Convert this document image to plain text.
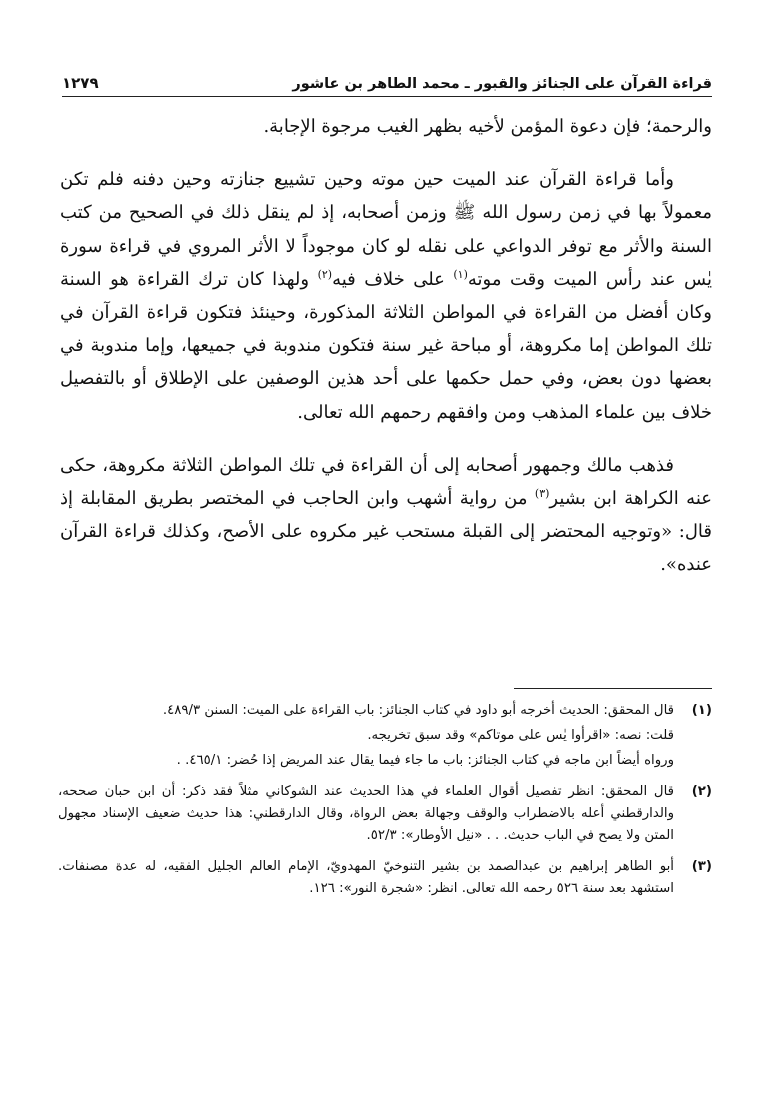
قراءة القرآن على الجنائز والقبور ـ محمد الطاهر بن عاشور
١٢٧٩

والرحمة؛ فإن دعوة المؤمن لأخيه بظهر الغيب مرجوة الإجابة.

وأما قراءة القرآن عند الميت حين موته وحين تشييع جنازته وحين دفنه فلم تكن معمولاً بها في زمن رسول الله ﷺ وزمن أصحابه، إذ لم ينقل ذلك في الصحيح من كتب السنة والأثر مع توفر الدواعي على نقله لو كان موجوداً لا الأثر المروي في قراءة سورة يٰس عند رأس الميت وقت موته$^{(١)}$ على خلاف فيه$^{(٢)}$ ولهذا كان ترك القراءة هو السنة وكان أفضل من القراءة في المواطن الثلاثة المذكورة، وحينئذ فتكون قراءة القرآن في تلك المواطن إما مكروهة، أو مباحة غير سنة فتكون مندوبة في جميعها، وإما مندوبة في بعضها دون بعض، وفي حمل حكمها على أحد هذين الوصفين على الإطلاق أو بالتفصيل خلاف بين علماء المذهب ومن وافقهم رحمهم الله تعالى.

فذهب مالك وجمهور أصحابه إلى أن القراءة في تلك المواطن الثلاثة مكروهة، حكى عنه الكراهة ابن بشير$^{(٣)}$ من رواية أشهب وابن الحاجب في المختصر بطريق المقابلة إذ قال: «وتوجيه المحتضر إلى القبلة مستحب غير مكروه على الأصح، وكذلك قراءة القرآن عنده».

(١)

قال المحقق: الحديث أخرجه أبو داود في كتاب الجنائز: باب القراءة على الميت: السنن ٤٨٩/٣.

قلت: نصه: «اقرأوا يٰس على موتاكم» وقد سبق تخريجه.

ورواه أيضاً ابن ماجه في كتاب الجنائز: باب ما جاء فيما يقال عند المريض إذا حُضر: ٤٦٥/١. .

(٢)

قال المحقق: انظر تفصيل أقوال العلماء في هذا الحديث عند الشوكاني مثلاً فقد ذكر: أن ابن حبان صححه، والدارقطني أعله بالاضطراب والوقف وجهالة بعض الرواة، وقال الدارقطني: هذا حديث ضعيف الإسناد مجهول المتن ولا يصح في الباب حديث. . . «نيل الأوطار»: ٥٢/٣.

(٣)

أبو الطاهر إبراهيم بن عبدالصمد بن بشير التنوخيّ المهدويّ، الإمام العالم الجليل الفقيه، له عدة مصنفات. استشهد بعد سنة ٥٢٦ رحمه الله تعالى. انظر: «شجرة النور»: ١٢٦.
